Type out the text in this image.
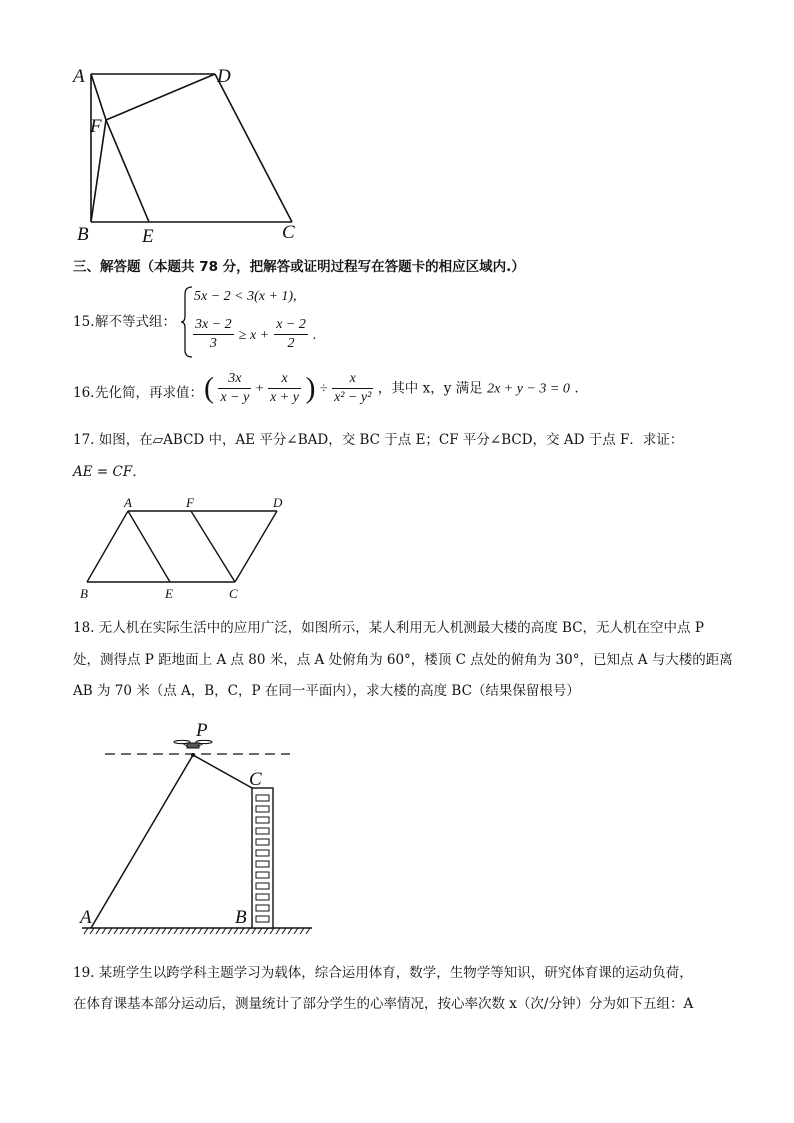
A	D
F
B	E	C
三、解答题（本题共 78 分，把解答或证明过程写在答题卡的相应区域内.）
15. 解不等式组：
5x − 2 < 3(x + 1),
$\frac{3x - 2}{3} \ge x + \frac{x - 2}{2}$ .
16. 先化简，再求值： ( $\frac{3x}{x - y} + \frac{x}{x + y}$ ) ÷ $\frac{x}{\text{x² − y²}}$ ，其中 x，y 满足 2x + y − 3 = 0 .
17. 如图，在▱ABCD 中，AE 平分∠BAD，交 BC 于点 E；CF 平分∠BCD，交 AD 于点 F．求证：
AE = CF．
A	F	D
B	E	C
18. 无人机在实际生活中的应用广泛，如图所示，某人利用无人机测最大楼的高度 BC，无人机在空中点 P
处，测得点 P 距地面上 A 点 80 米，点 A 处俯角为 60°，楼顶 C 点处的俯角为 30°，已知点 A 与大楼的距离
AB 为 70 米（点 A，B，C，P 在同一平面内），求大楼的高度 BC（结果保留根号）
P
C
A	B
19. 某班学生以跨学科主题学习为载体，综合运用体育，数学，生物学等知识，研究体育课的运动负荷，
在体育课基本部分运动后，测量统计了部分学生的心率情况，按心率次数 x（次/分钟）分为如下五组：A
